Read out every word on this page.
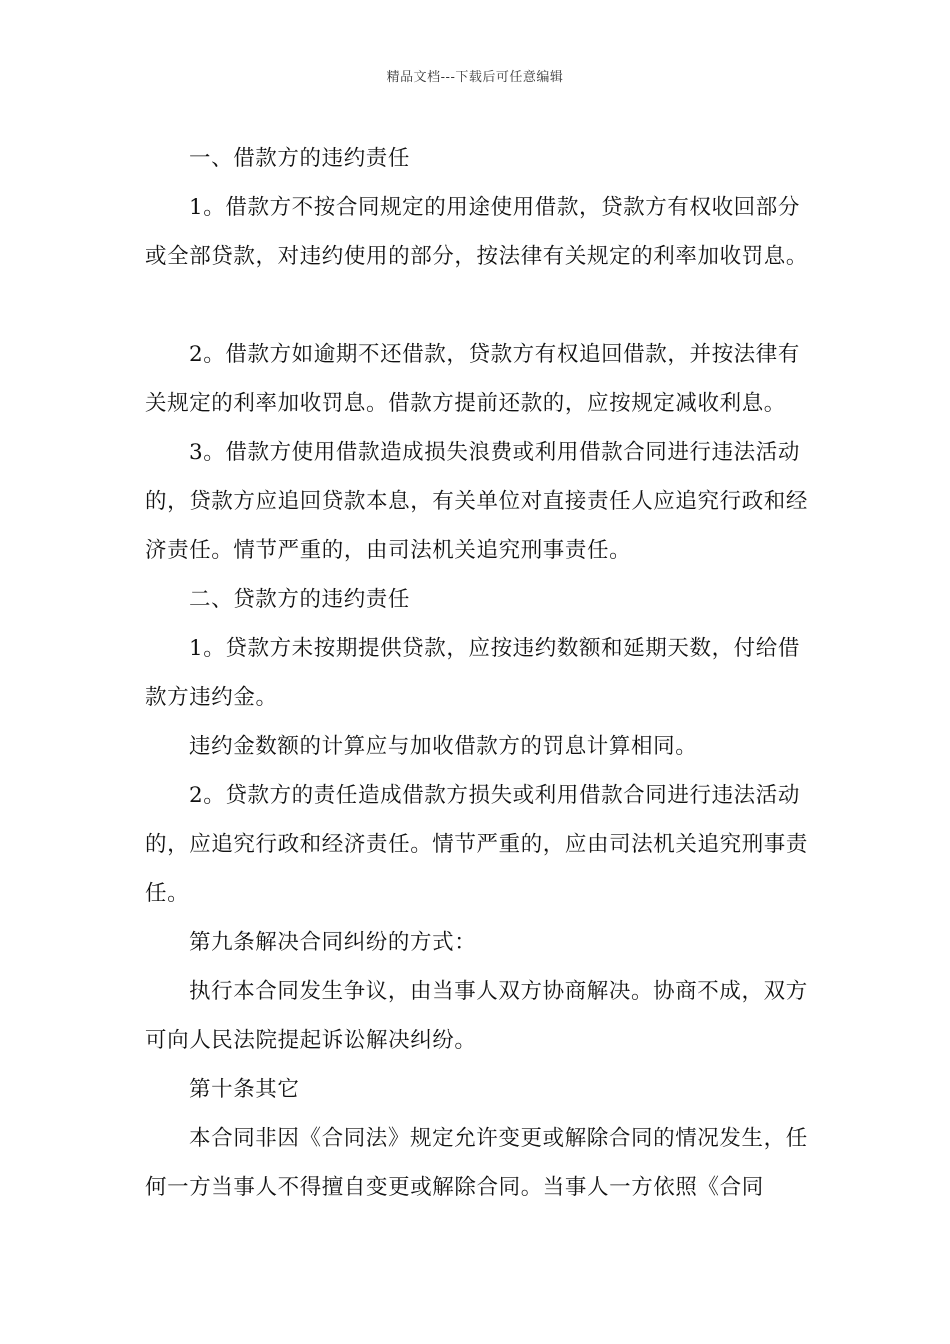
精品文档---下载后可任意编辑

一、借款方的违约责任

1。借款方不按合同规定的用途使用借款，贷款方有权收回部分或全部贷款，对违约使用的部分，按法律有关规定的利率加收罚息。

2。借款方如逾期不还借款，贷款方有权追回借款，并按法律有关规定的利率加收罚息。借款方提前还款的，应按规定减收利息。

3。借款方使用借款造成损失浪费或利用借款合同进行违法活动的，贷款方应追回贷款本息，有关单位对直接责任人应追究行政和经济责任。情节严重的，由司法机关追究刑事责任。

二、贷款方的违约责任

1。贷款方未按期提供贷款，应按违约数额和延期天数，付给借款方违约金。

违约金数额的计算应与加收借款方的罚息计算相同。

2。贷款方的责任造成借款方损失或利用借款合同进行违法活动的，应追究行政和经济责任。情节严重的，应由司法机关追究刑事责任。

第九条解决合同纠纷的方式：

执行本合同发生争议，由当事人双方协商解决。协商不成，双方可向人民法院提起诉讼解决纠纷。

第十条其它

本合同非因《合同法》规定允许变更或解除合同的情况发生，任何一方当事人不得擅自变更或解除合同。当事人一方依照《合同
